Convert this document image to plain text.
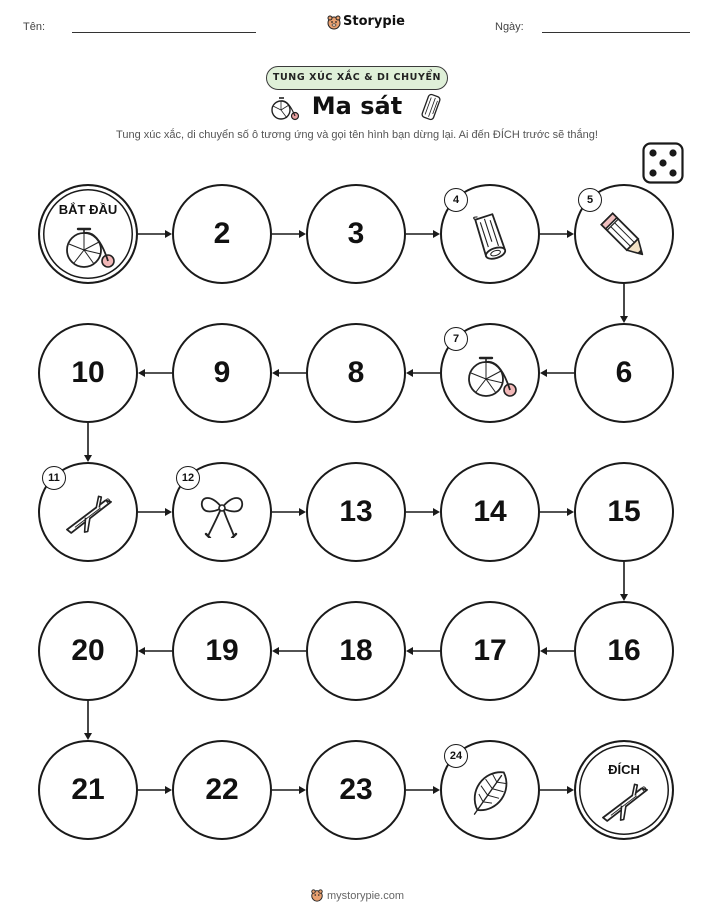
Tên:	Storypie	Ngày:
TUNG XÚC XẮC & DI CHUYỂN
Ma sát
Tung xúc xắc, di chuyển số ô tương ứng và gọi tên hình bạn dừng lại. Ai đến ĐÍCH trước sẽ thắng!
BẮT ĐẦU
2	3
4	5
6
7
8
9
10
11	12
13	14	15
16
17
18
19
20
21	22	23
24
ĐÍCH
mystorypie.com
